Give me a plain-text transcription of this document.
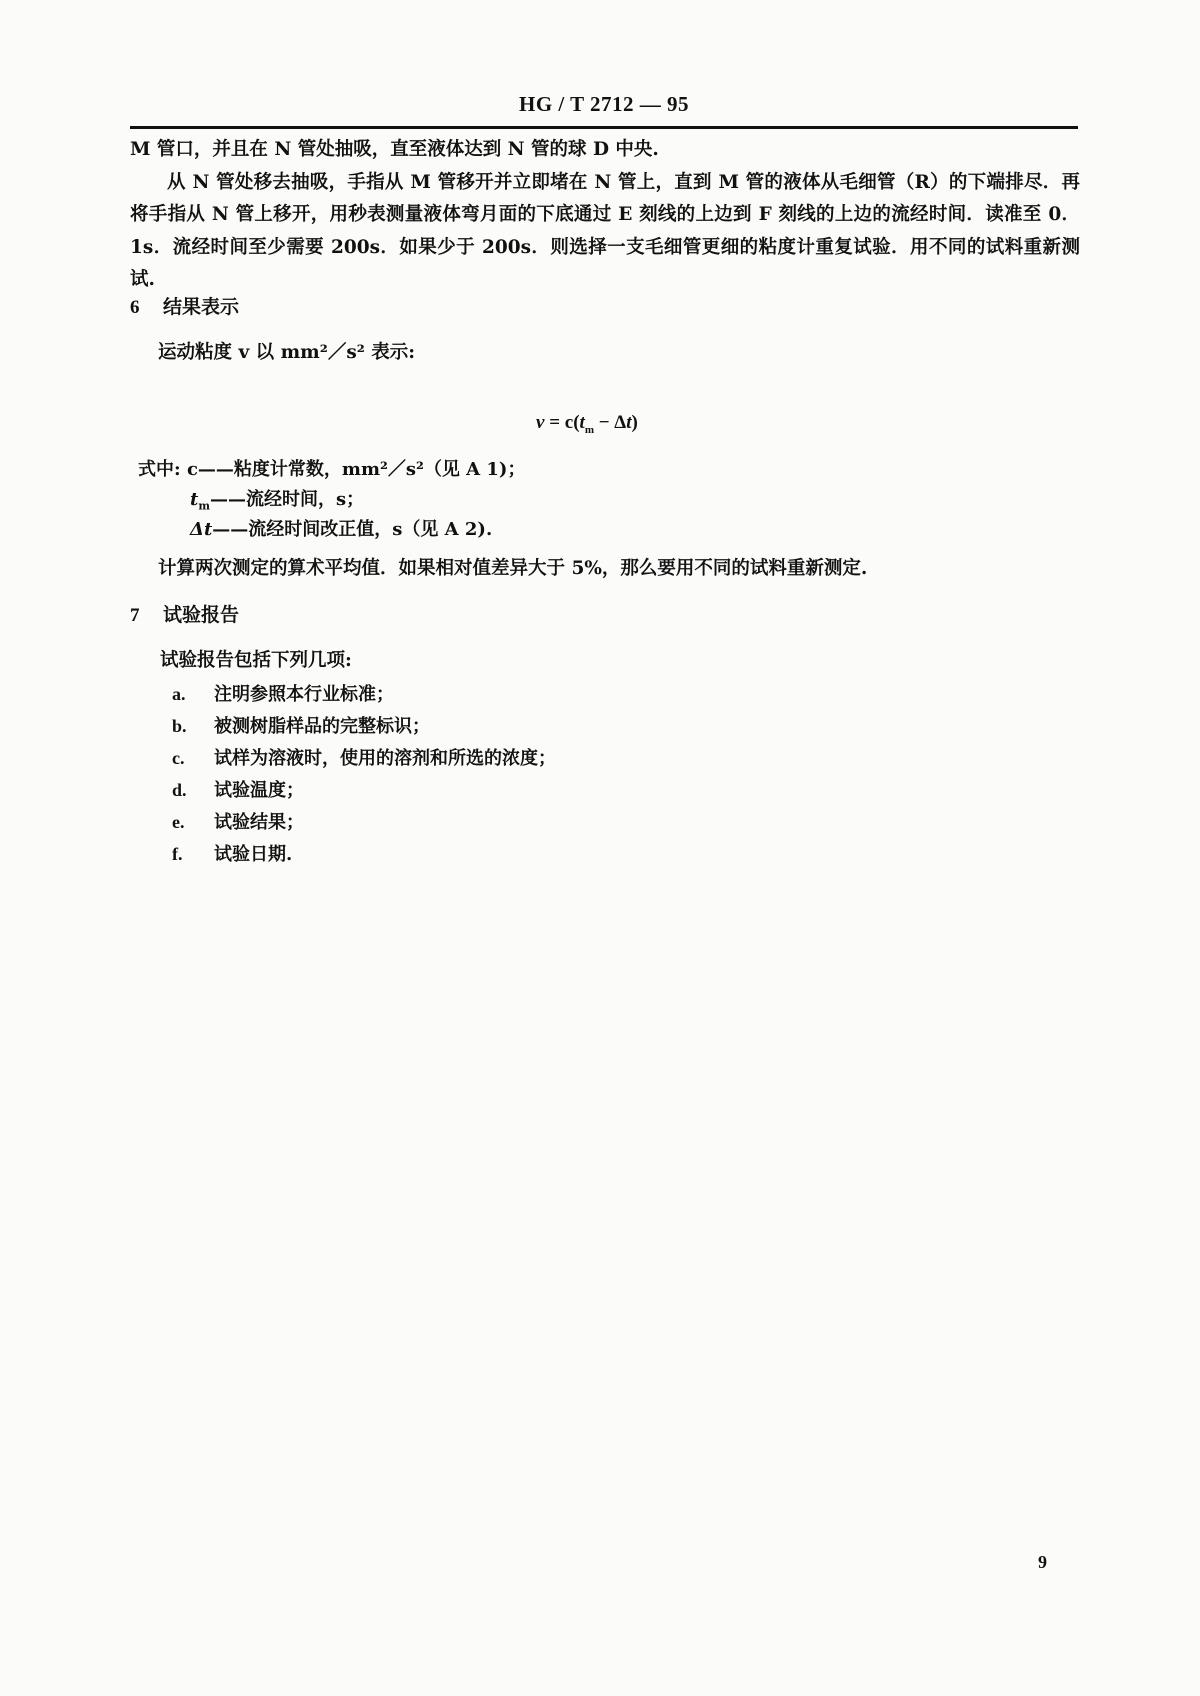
HG / T 2712 — 95
M 管口，并且在 N 管处抽吸，直至液体达到 N 管的球 D 中央.
从 N 管处移去抽吸，手指从 M 管移开并立即堵在 N 管上，直到 M 管的液体从毛细管（R）的下端排尽．再将手指从 N 管上移开，用秒表测量液体弯月面的下底通过 E 刻线的上边到 F 刻线的上边的流经时间．读准至 0．1s．流经时间至少需要 200s．如果少于 200s．则选择一支毛细管更细的粘度计重复试验．用不同的试料重新测试.
6 结果表示
运动粘度 v 以 mm²／s² 表示:
$v = c(t_m - \Delta t)$
式中: c——粘度计常数，mm²／s²（见 A 1)；
$t_m——$流经时间，s；
Δt——流经时间改正值，s（见 A 2).
计算两次测定的算术平均值．如果相对值差异大于 5%，那么要用不同的试料重新测定.
7 试验报告
试验报告包括下列几项:
a. 注明参照本行业标准；
b. 被测树脂样品的完整标识；
c. 试样为溶液时，使用的溶剂和所选的浓度；
d. 试验温度；
e. 试验结果；
f. 试验日期.
9
